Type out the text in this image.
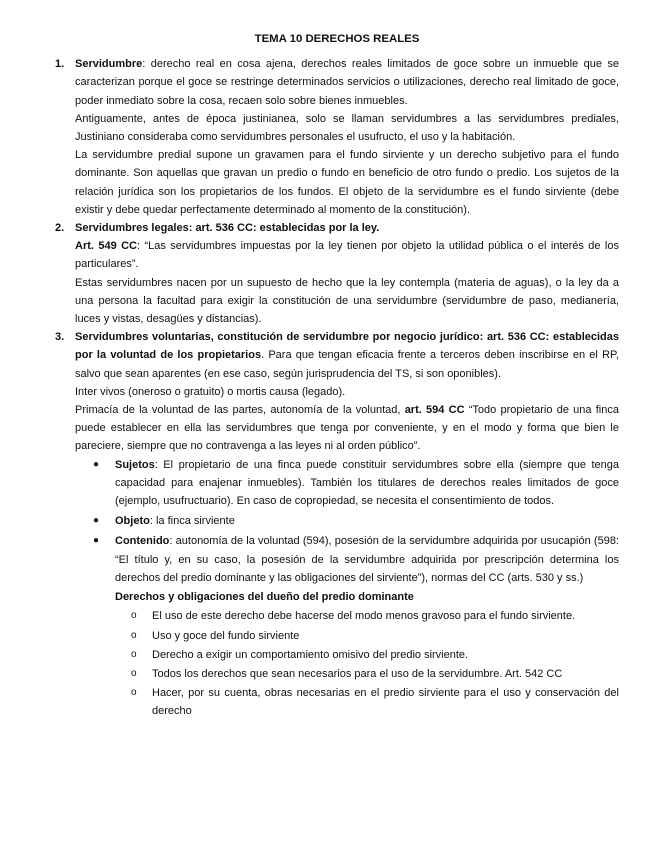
TEMA 10 DERECHOS REALES
1. Servidumbre: derecho real en cosa ajena, derechos reales limitados de goce sobre un inmueble que se caracterizan porque el goce se restringe determinados servicios o utilizaciones, derecho real limitado de goce, poder inmediato sobre la cosa, recaen solo sobre bienes inmuebles.

Antiguamente, antes de época justinianea, solo se llaman servidumbres a las servidumbres prediales, Justiniano consideraba como servidumbres personales el usufructo, el uso y la habitación.

La servidumbre predial supone un gravamen para el fundo sirviente y un derecho subjetivo para el fundo dominante. Son aquellas que gravan un predio o fundo en beneficio de otro fundo o predio. Los sujetos de la relación jurídica son los propietarios de los fundos. El objeto de la servidumbre es el fundo sirviente (debe existir y debe quedar perfectamente determinado al momento de la constitución).

2. Servidumbres legales: art. 536 CC: establecidas por la ley.

Art. 549 CC: “Las servidumbres impuestas por la ley tienen por objeto la utilidad pública o el interés de los particulares”.

Estas servidumbres nacen por un supuesto de hecho que la ley contempla (materia de aguas), o la ley da a una persona la facultad para exigir la constitución de una servidumbre (servidumbre de paso, medianería, luces y vistas, desagües y distancias).

3. Servidumbres voluntarias, constitución de servidumbre por negocio jurídico: art. 536 CC: establecidas por la voluntad de los propietarios. Para que tengan eficacia frente a terceros deben inscribirse en el RP, salvo que sean aparentes (en ese caso, según jurisprudencia del TS, si son oponibles).

Inter vivos (oneroso o gratuito) o mortis causa (legado).

Primacía de la voluntad de las partes, autonomía de la voluntad, art. 594 CC “Todo propietario de una finca puede establecer en ella las servidumbres que tenga por conveniente, y en el modo y forma que bien le pareciere, siempre que no contravenga a las leyes ni al orden público”.

● Sujetos: El propietario de una finca puede constituir servidumbres sobre ella (siempre que tenga capacidad para enajenar inmuebles). También los titulares de derechos reales limitados de goce (ejemplo, usufructuario). En caso de copropiedad, se necesita el consentimiento de todos.

● Objeto: la finca sirviente

● Contenido: autonomía de la voluntad (594), posesión de la servidumbre adquirida por usucapión (598: “El título y, en su caso, la posesión de la servidumbre adquirida por prescripción determina los derechos del predio dominante y las obligaciones del sirviente”), normas del CC (arts. 530 y ss.)

Derechos y obligaciones del dueño del predio dominante
o El uso de este derecho debe hacerse del modo menos gravoso para el fundo sirviente.

o Uso y goce del fundo sirviente

o Derecho a exigir un comportamiento omisivo del predio sirviente.

o Todos los derechos que sean necesarios para el uso de la servidumbre. Art. 542 CC

o Hacer, por su cuenta, obras necesarias en el predio sirviente para el uso y conservación del derecho
